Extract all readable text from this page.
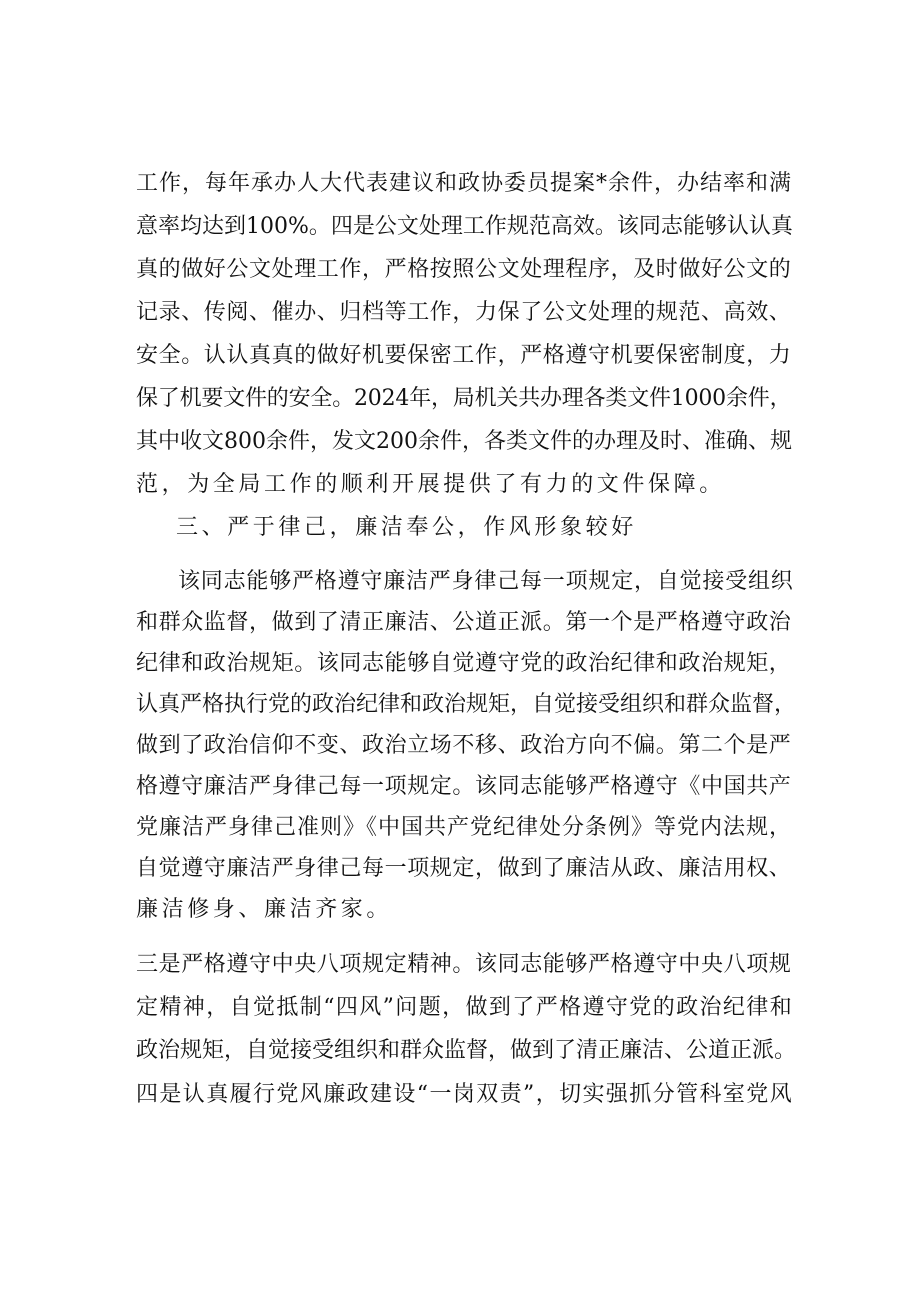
工作，每年承办人大代表建议和政协委员提案*余件，办结率和满
意率均达到100%。四是公文处理工作规范高效。该同志能够认认真
真的做好公文处理工作，严格按照公文处理程序，及时做好公文的
记录、传阅、催办、归档等工作，力保了公文处理的规范、高效、
安全。认认真真的做好机要保密工作，严格遵守机要保密制度，力
保了机要文件的安全。2024年，局机关共办理各类文件1000余件，
其中收文800余件，发文200余件，各类文件的办理及时、准确、规
范，为全局工作的顺利开展提供了有力的文件保障。
三、严于律己，廉洁奉公，作风形象较好
该同志能够严格遵守廉洁严身律己每一项规定，自觉接受组织
和群众监督，做到了清正廉洁、公道正派。第一个是严格遵守政治
纪律和政治规矩。该同志能够自觉遵守党的政治纪律和政治规矩，
认真严格执行党的政治纪律和政治规矩，自觉接受组织和群众监督，
做到了政治信仰不变、政治立场不移、政治方向不偏。第二个是严
格遵守廉洁严身律己每一项规定。该同志能够严格遵守《中国共产
党廉洁严身律己准则》《中国共产党纪律处分条例》等党内法规，
自觉遵守廉洁严身律己每一项规定，做到了廉洁从政、廉洁用权、
廉洁修身、廉洁齐家。
三是严格遵守中央八项规定精神。该同志能够严格遵守中央八项规
定精神，自觉抵制“四风”问题，做到了严格遵守党的政治纪律和
政治规矩，自觉接受组织和群众监督，做到了清正廉洁、公道正派。
四是认真履行党风廉政建设“一岗双责”，切实强抓分管科室党风
